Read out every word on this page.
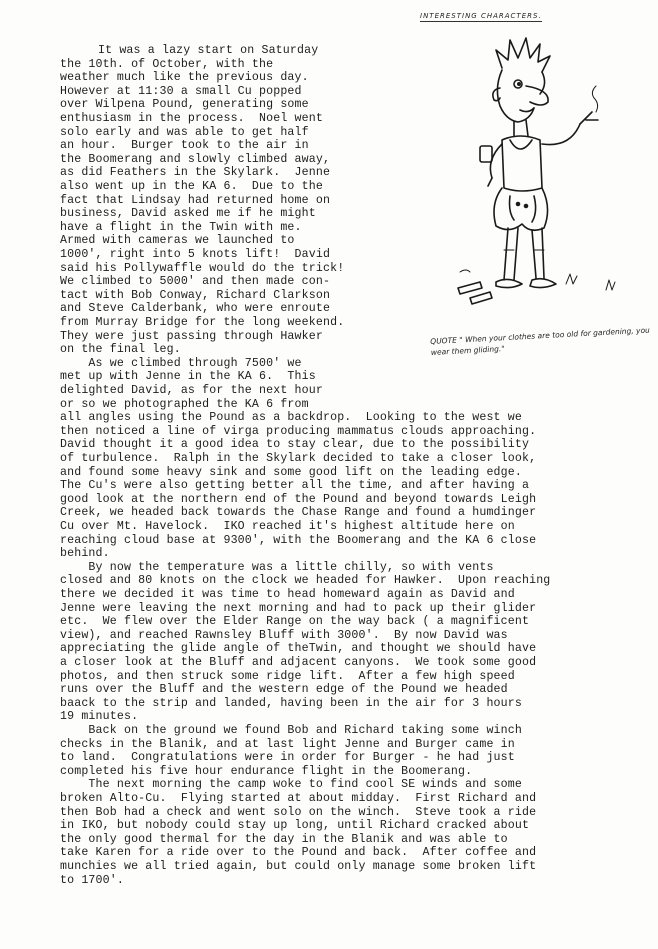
INTERESTING CHARACTERS.
QUOTE " When your clothes are too old for gardening, you wear them gliding."
It was a lazy start on Saturday
the 10th. of October, with the
weather much like the previous day.
However at 11:30 a small Cu popped
over Wilpena Pound, generating some
enthusiasm in the process.  Noel went
solo early and was able to get half
an hour.  Burger took to the air in
the Boomerang and slowly climbed away,
as did Feathers in the Skylark.  Jenne
also went up in the KA 6.  Due to the
fact that Lindsay had returned home on
business, David asked me if he might
have a flight in the Twin with me.
Armed with cameras we launched to
1000', right into 5 knots lift!  David
said his Pollywaffle would do the trick!
We climbed to 5000' and then made con-
tact with Bob Conway, Richard Clarkson
and Steve Calderbank, who were enroute
from Murray Bridge for the long weekend.
They were just passing through Hawker
on the final leg.
As we climbed through 7500' we
met up with Jenne in the KA 6.  This
delighted David, as for the next hour
or so we photographed the KA 6 from
all angles using the Pound as a backdrop.  Looking to the west we
then noticed a line of virga producing mammatus clouds approaching.
David thought it a good idea to stay clear, due to the possibility
of turbulence.  Ralph in the Skylark decided to take a closer look,
and found some heavy sink and some good lift on the leading edge.
The Cu's were also getting better all the time, and after having a
good look at the northern end of the Pound and beyond towards Leigh
Creek, we headed back towards the Chase Range and found a humdinger
Cu over Mt. Havelock.  IKO reached it's highest altitude here on
reaching cloud base at 9300', with the Boomerang and the KA 6 close
behind.
By now the temperature was a little chilly, so with vents
closed and 80 knots on the clock we headed for Hawker.  Upon reaching
there we decided it was time to head homeward again as David and
Jenne were leaving the next morning and had to pack up their glider
etc.  We flew over the Elder Range on the way back ( a magnificent
view), and reached Rawnsley Bluff with 3000'.  By now David was
appreciating the glide angle of theTwin, and thought we should have
a closer look at the Bluff and adjacent canyons.  We took some good
photos, and then struck some ridge lift.  After a few high speed
runs over the Bluff and the western edge of the Pound we headed
baack to the strip and landed, having been in the air for 3 hours
19 minutes.
Back on the ground we found Bob and Richard taking some winch
checks in the Blanik, and at last light Jenne and Burger came in
to land.  Congratulations were in order for Burger - he had just
completed his five hour endurance flight in the Boomerang.
The next morning the camp woke to find cool SE winds and some
broken Alto-Cu.  Flying started at about midday.  First Richard and
then Bob had a check and went solo on the winch.  Steve took a ride
in IKO, but nobody could stay up long, until Richard cracked about
the only good thermal for the day in the Blanik and was able to
take Karen for a ride over to the Pound and back.  After coffee and
munchies we all tried again, but could only manage some broken lift
to 1700'.
